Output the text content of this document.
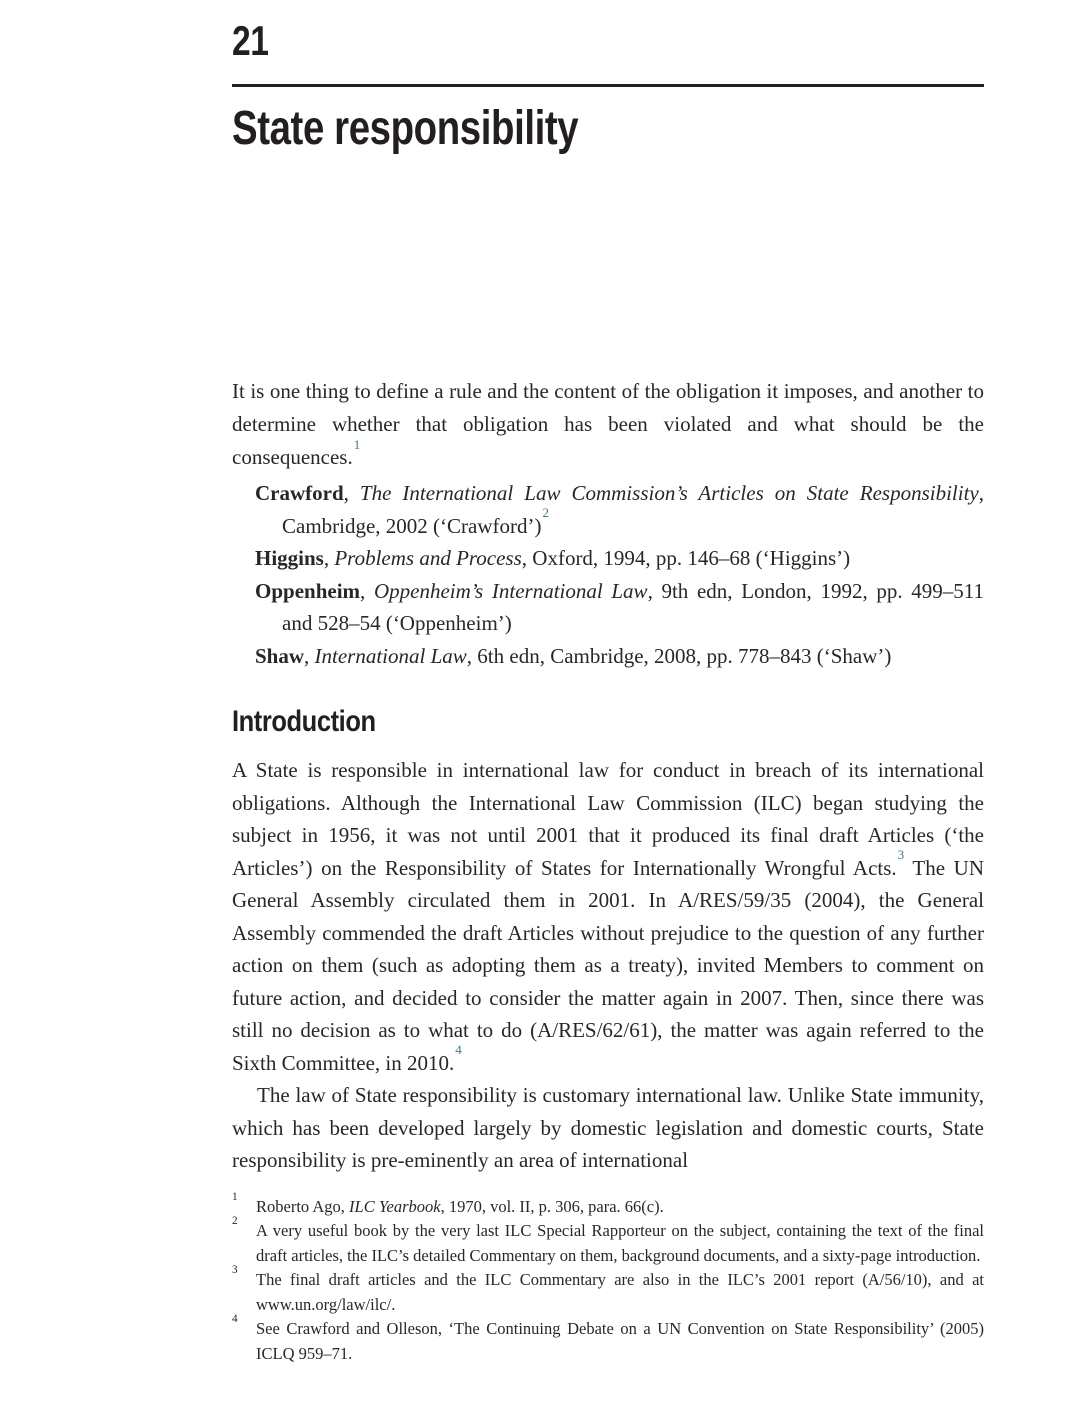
21
State responsibility

It is one thing to define a rule and the content of the obligation it imposes, and another to determine whether that obligation has been violated and what should be the consequences.$^1$

Crawford, The International Law Commission’s Articles on State Responsibility, Cambridge, 2002 (‘Crawford’)$^2$

Higgins, Problems and Process, Oxford, 1994, pp. 146–68 (‘Higgins’)

Oppenheim, Oppenheim’s International Law, 9th edn, London, 1992, pp. 499–511 and 528–54 (‘Oppenheim’)

Shaw, International Law, 6th edn, Cambridge, 2008, pp. 778–843 (‘Shaw’)

Introduction

A State is responsible in international law for conduct in breach of its international obligations. Although the International Law Commission (ILC) began studying the subject in 1956, it was not until 2001 that it produced its final draft Articles (‘the Articles’) on the Responsibility of States for Internationally Wrongful Acts.$^3$ The UN General Assembly circulated them in 2001. In A/RES/59/35 (2004), the General Assembly commended the draft Articles without prejudice to the question of any further action on them (such as adopting them as a treaty), invited Members to comment on future action, and decided to consider the matter again in 2007. Then, since there was still no decision as to what to do (A/RES/62/61), the matter was again referred to the Sixth Committee, in 2010.$^4$

The law of State responsibility is customary international law. Unlike State immunity, which has been developed largely by domestic legislation and domestic courts, State responsibility is pre-eminently an area of international

$^1$ Roberto Ago, ILC Yearbook, 1970, vol. II, p. 306, para. 66(c).

$^2$ A very useful book by the very last ILC Special Rapporteur on the subject, containing the text of the final draft articles, the ILC’s detailed Commentary on them, background documents, and a sixty-page introduction.

$^3$ The final draft articles and the ILC Commentary are also in the ILC’s 2001 report (A/56/10), and at www.un.org/law/ilc/.

$^4$ See Crawford and Olleson, ‘The Continuing Debate on a UN Convention on State Responsibility’ (2005) ICLQ 959–71.
